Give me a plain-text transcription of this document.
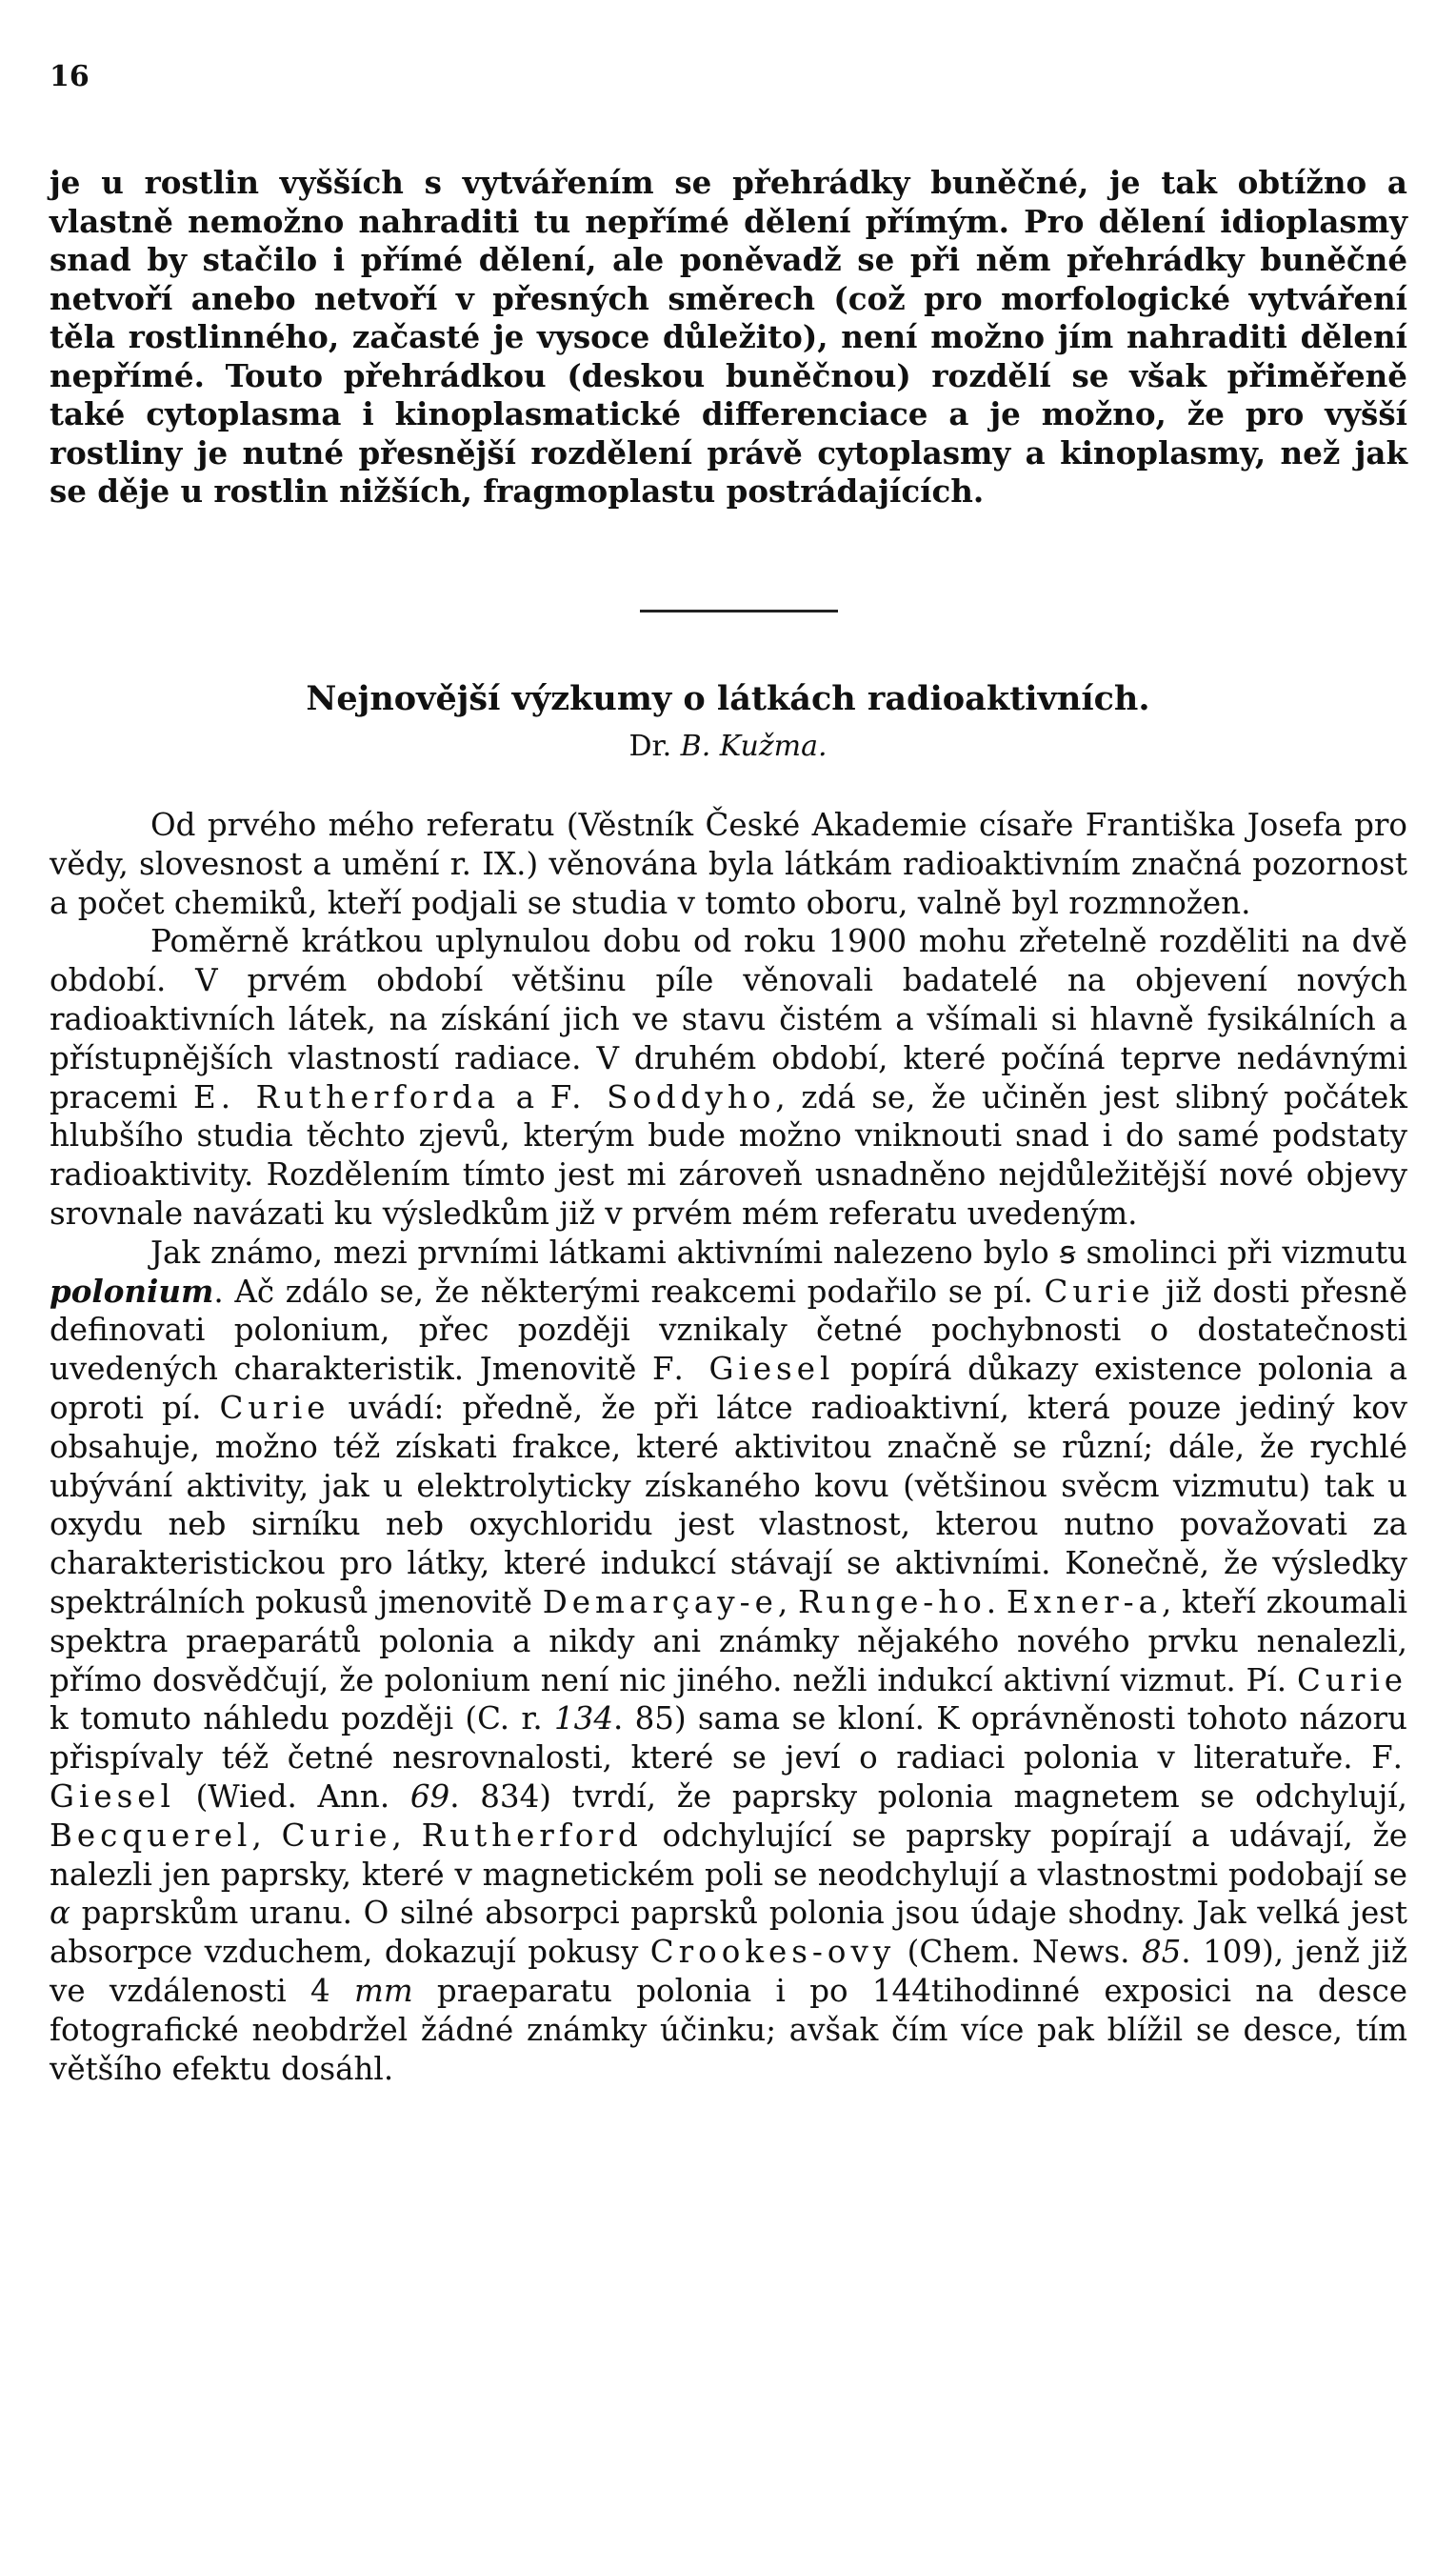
16
je u rostlin vyšších s vytvářením se přehrádky buněčné, je tak obtížno a vlastně nemožno nahraditi tu nepřímé dělení přímým. Pro dělení idioplasmy snad by stačilo i přímé dělení, ale poněvadž se při něm přehrádky buněčné netvoří anebo netvoří v přesných směrech (což pro morfologické vytváření těla rostlinného, začasté je vysoce důležito), není možno jím nahraditi dělení nepřímé. Touto přehrádkou (deskou buněčnou) rozdělí se však přiměřeně také cytoplasma i kinoplasmatické differenciace a je možno, že pro vyšší rostliny je nutné přesnější rozdělení právě cytoplasmy a kinoplasmy, než jak se děje u rostlin nižších, fragmoplastu postrádajících.
Nejnovější výzkumy o látkách radioaktivních.
Dr. B. Kužma.

Od prvého mého referatu (Věstník České Akademie císaře Františka Josefa pro vědy, slovesnost a umění r. IX.) věnována byla látkám radioaktivním značná pozornost a počet chemiků, kteří podjali se studia v tomto oboru, valně byl rozmnožen.

Poměrně krátkou uplynulou dobu od roku 1900 mohu zřetelně rozděliti na dvě období. V prvém období většinu píle věnovali badatelé na objevení nových radioaktivních látek, na získání jich ve stavu čistém a všímali si hlavně fysikálních a přístupnějších vlastností radiace. V druhém období, které počíná teprve nedávnými pracemi E. Rutherforda a F. Soddyho, zdá se, že učiněn jest slibný počátek hlubšího studia těchto zjevů, kterým bude možno vniknouti snad i do samé podstaty radioaktivity. Rozdělením tímto jest mi zároveň usnadněno nejdůležitější nové objevy srovnale navázati ku výsledkům již v prvém mém referatu uvedeným.

Jak známo, mezi prvními látkami aktivními nalezeno bylo ꞩ smolinci při vizmutu polonium. Ač zdálo se, že některými reakcemi podařilo se pí. Curie již dosti přesně definovati polonium, přec později vznikaly četné pochybnosti o dostatečnosti uvedených charakteristik. Jmenovitě F. Giesel popírá důkazy existence polonia a oproti pí. Curie uvádí: předně, že při látce radioaktivní, která pouze jediný kov obsahuje, možno též získati frakce, které aktivitou značně se různí; dále, že rychlé ubývání aktivity, jak u elektrolyticky získaného kovu (většinou svěcm vizmutu) tak u oxydu neb sirníku neb oxychloridu jest vlastnost, kterou nutno považovati za charakteristickou pro látky, které indukcí stávají se aktivními. Konečně, že výsledky spektrálních pokusů jmenovitě Demarçay-e, Runge-ho. Exner-a, kteří zkoumali spektra praeparátů polonia a nikdy ani známky nějakého nového prvku nenalezli, přímo dosvědčují, že polonium není nic jiného. nežli indukcí aktivní vizmut. Pí. Curie k tomuto náhledu později (C. r. 134. 85) sama se kloní. K oprávněnosti tohoto názoru přispívaly též četné nesrovnalosti, které se jeví o radiaci polonia v literatuře. F. Giesel (Wied. Ann. 69. 834) tvrdí, že paprsky polonia magnetem se odchylují, Becquerel, Curie, Rutherford odchylující se paprsky popírají a udávají, že nalezli jen paprsky, které v magnetickém poli se neodchylují a vlastnostmi podobají se α paprskům uranu. O silné absorpci paprsků polonia jsou údaje shodny. Jak velká jest absorpce vzduchem, dokazují pokusy Crookes-ovy (Chem. News. 85. 109), jenž již ve vzdálenosti 4 mm praeparatu polonia i po 144tihodinné exposici na desce fotografické neobdržel žádné známky účinku; avšak čím více pak blížil se desce, tím většího efektu dosáhl.
